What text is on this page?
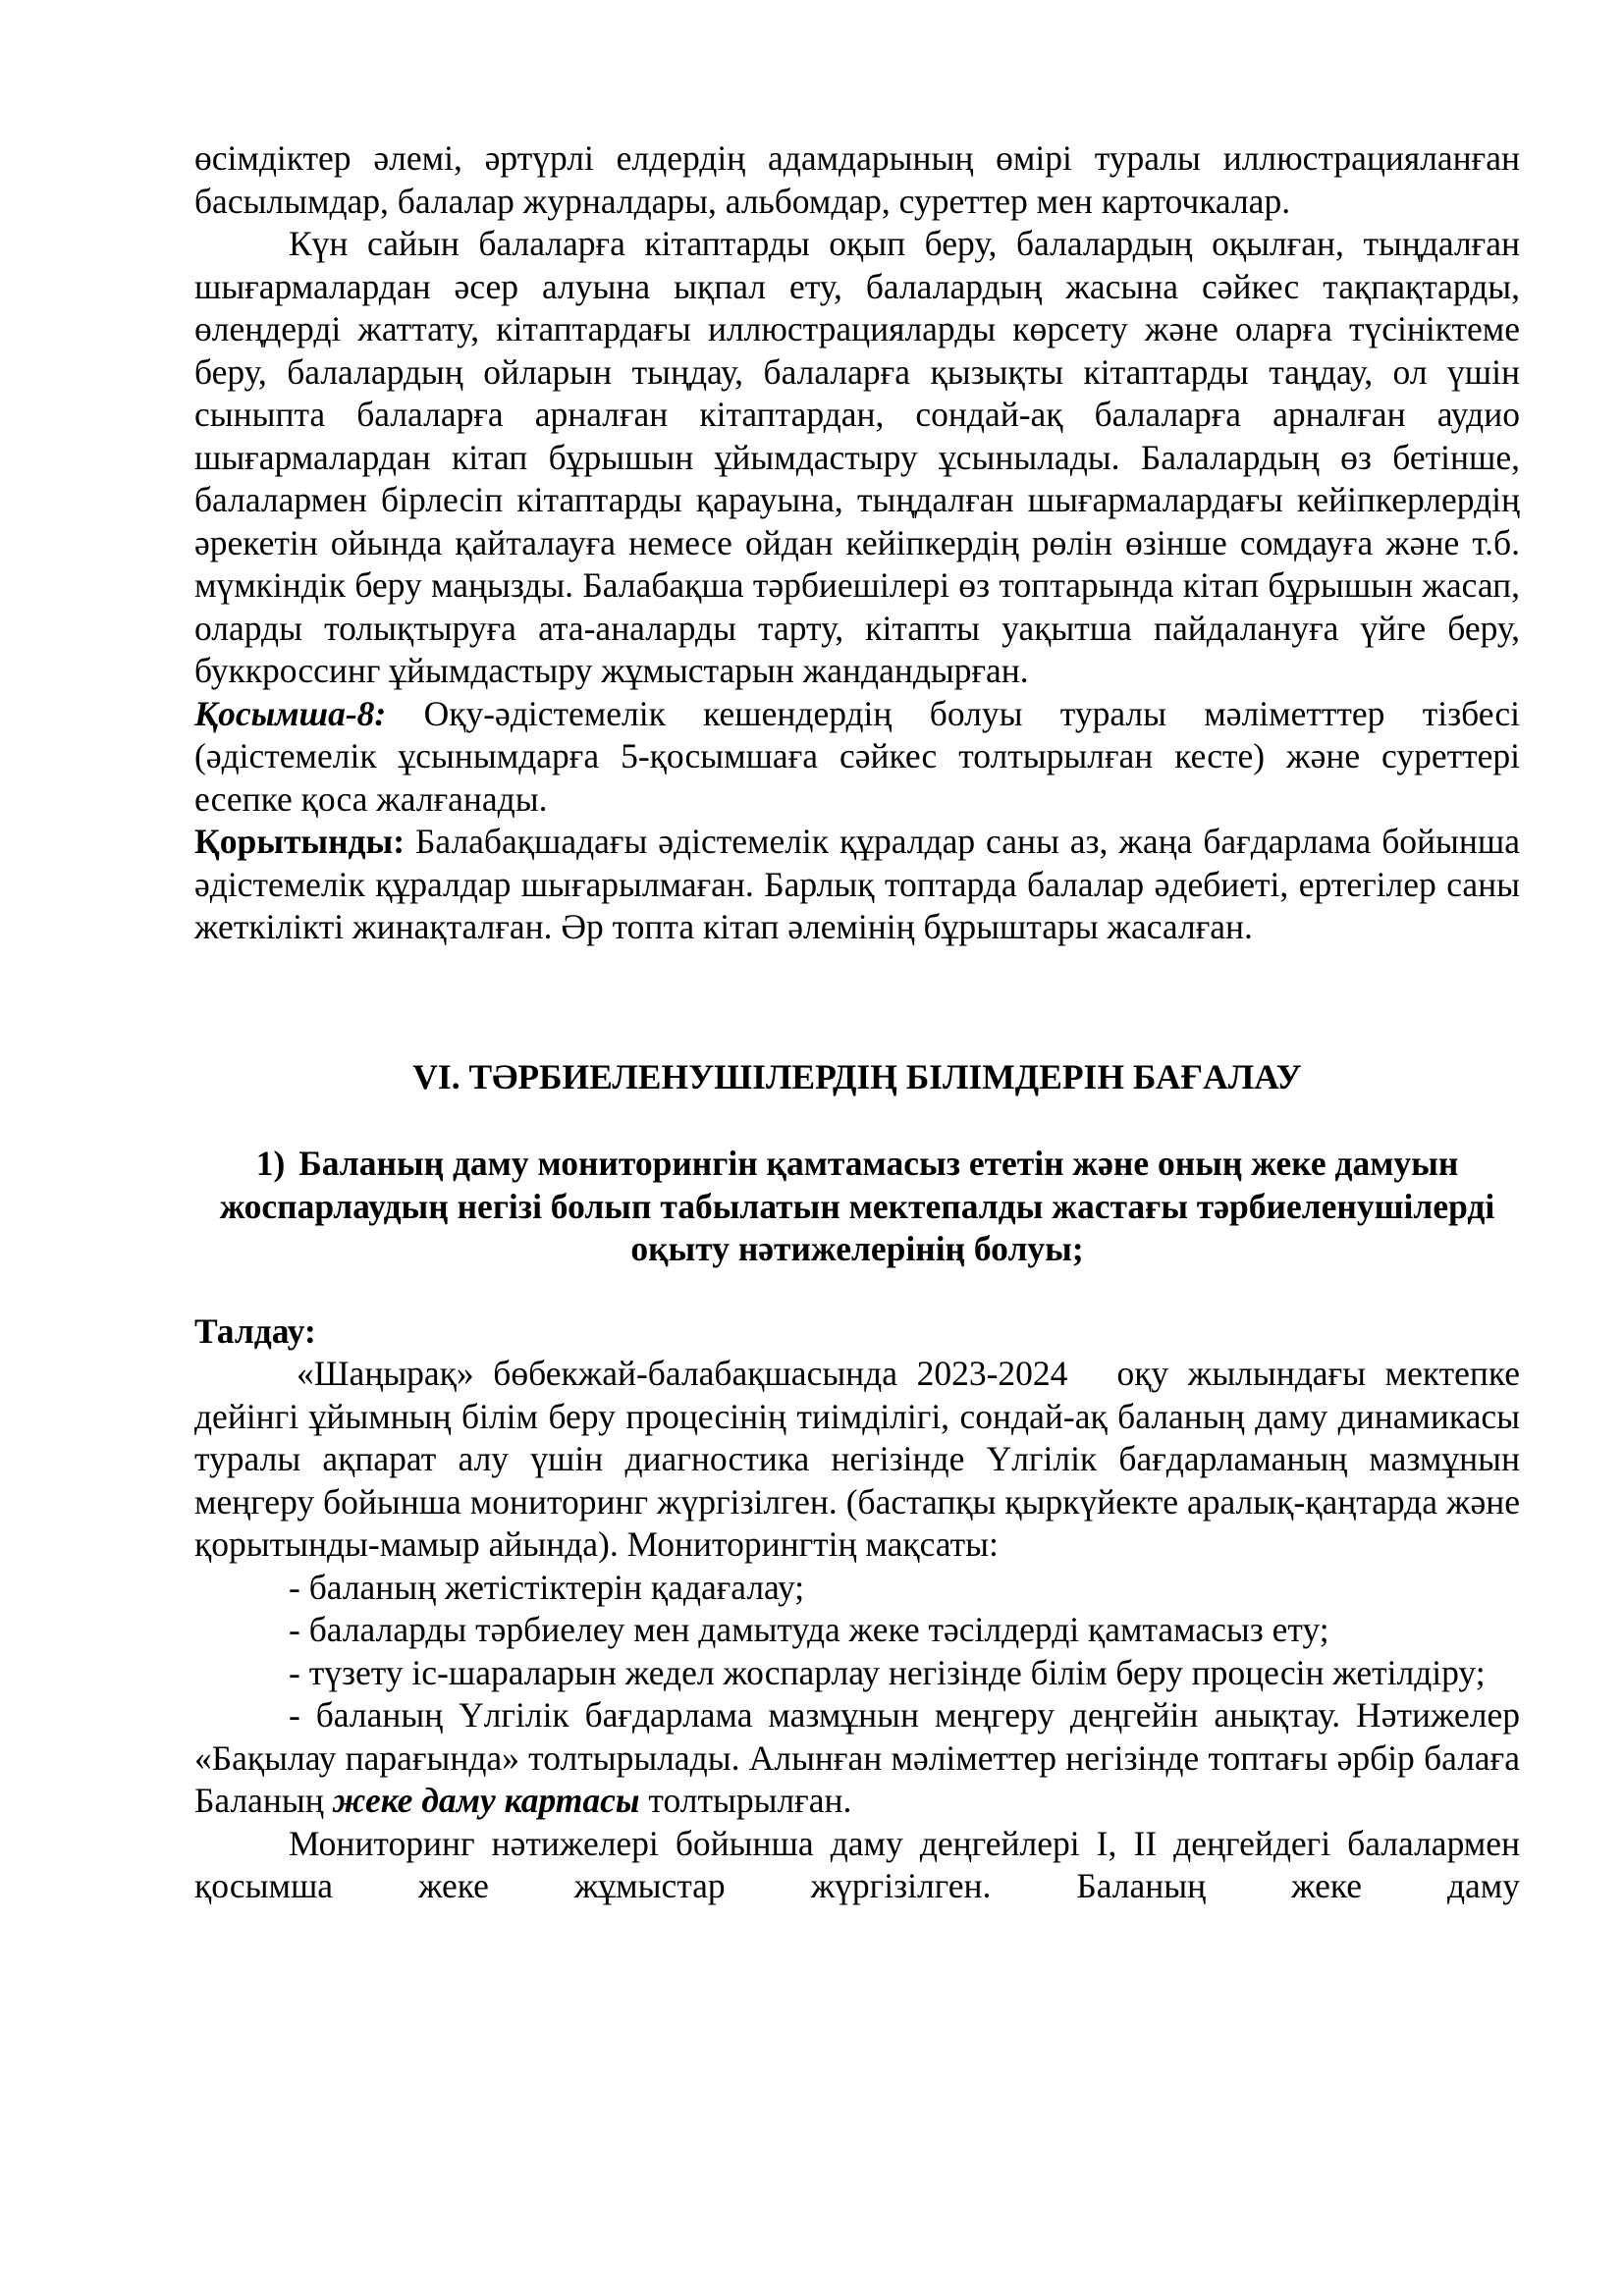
өсімдіктер әлемі, әртүрлі елдердің адамдарының өмірі туралы иллюстрацияланған басылымдар, балалар журналдары, альбомдар, суреттер мен карточкалар.

Күн сайын балаларға кітаптарды оқып беру, балалардың оқылған, тыңдалған шығармалардан әсер алуына ықпал ету, балалардың жасына сәйкес тақпақтарды, өлеңдерді жаттату, кітаптардағы иллюстрацияларды көрсету және оларға түсініктеме беру, балалардың ойларын тыңдау, балаларға қызықты кітаптарды таңдау, ол үшін сыныпта балаларға арналған кітаптардан, сондай-ақ балаларға арналған аудио шығармалардан кітап бұрышын ұйымдастыру ұсынылады. Балалардың өз бетінше, балалармен бірлесіп кітаптарды қарауына, тыңдалған шығармалардағы кейіпкерлердің әрекетін ойында қайталауға немесе ойдан кейіпкердің рөлін өзінше сомдауға және т.б. мүмкіндік беру маңызды. Балабақша тәрбиешілері өз топтарында кітап бұрышын жасап, оларды толықтыруға ата-аналарды тарту, кітапты уақытша пайдалануға үйге беру, буккроссинг ұйымдастыру жұмыстарын жандандырған.

Қосымша-8: Оқу-әдістемелік кешендердің болуы туралы мәліметттер тізбесі (әдістемелік ұсынымдарға 5-қосымшаға сәйкес толтырылған кесте) және суреттері есепке қоса жалғанады.

Қорытынды: Балабақшадағы әдістемелік құралдар саны аз, жаңа бағдарлама бойынша әдістемелік құралдар шығарылмаған. Барлық топтарда балалар әдебиеті, ертегілер саны жеткілікті жинақталған. Әр топта кітап әлемінің бұрыштары жасалған.

VI. ТӘРБИЕЛЕНУШІЛЕРДІҢ БІЛІМДЕРІН БАҒАЛАУ

1) Баланың даму мониторингін қамтамасыз ететін және оның жеке дамуын жоспарлаудың негізі болып табылатын мектепалды жастағы тәрбиеленушілерді оқыту нәтижелерінің болуы;

Талдау:

«Шаңырақ» бөбекжай-балабақшасында 2023-2024 оқу жылындағы мектепке дейінгі ұйымның білім беру процесінің тиімділігі, сондай-ақ баланың даму динамикасы туралы ақпарат алу үшін диагностика негізінде Үлгілік бағдарламаның мазмұнын меңгеру бойынша мониторинг жүргізілген. (бастапқы қыркүйекте аралық-қаңтарда және қорытынды-мамыр айында). Мониторингтің мақсаты:

- баланың жетістіктерін қадағалау;

- балаларды тәрбиелеу мен дамытуда жеке тәсілдерді қамтамасыз ету;

- түзету іс-шараларын жедел жоспарлау негізінде білім беру процесін жетілдіру;

- баланың Үлгілік бағдарлама мазмұнын меңгеру деңгейін анықтау. Нәтижелер «Бақылау парағында» толтырылады. Алынған мәліметтер негізінде топтағы әрбір балаға Баланың жеке даму картасы толтырылған.

Мониторинг нәтижелері бойынша даму деңгейлері І, ІІ деңгейдегі балалармен қосымша жеке жұмыстар жүргізілген. Баланың жеке даму
